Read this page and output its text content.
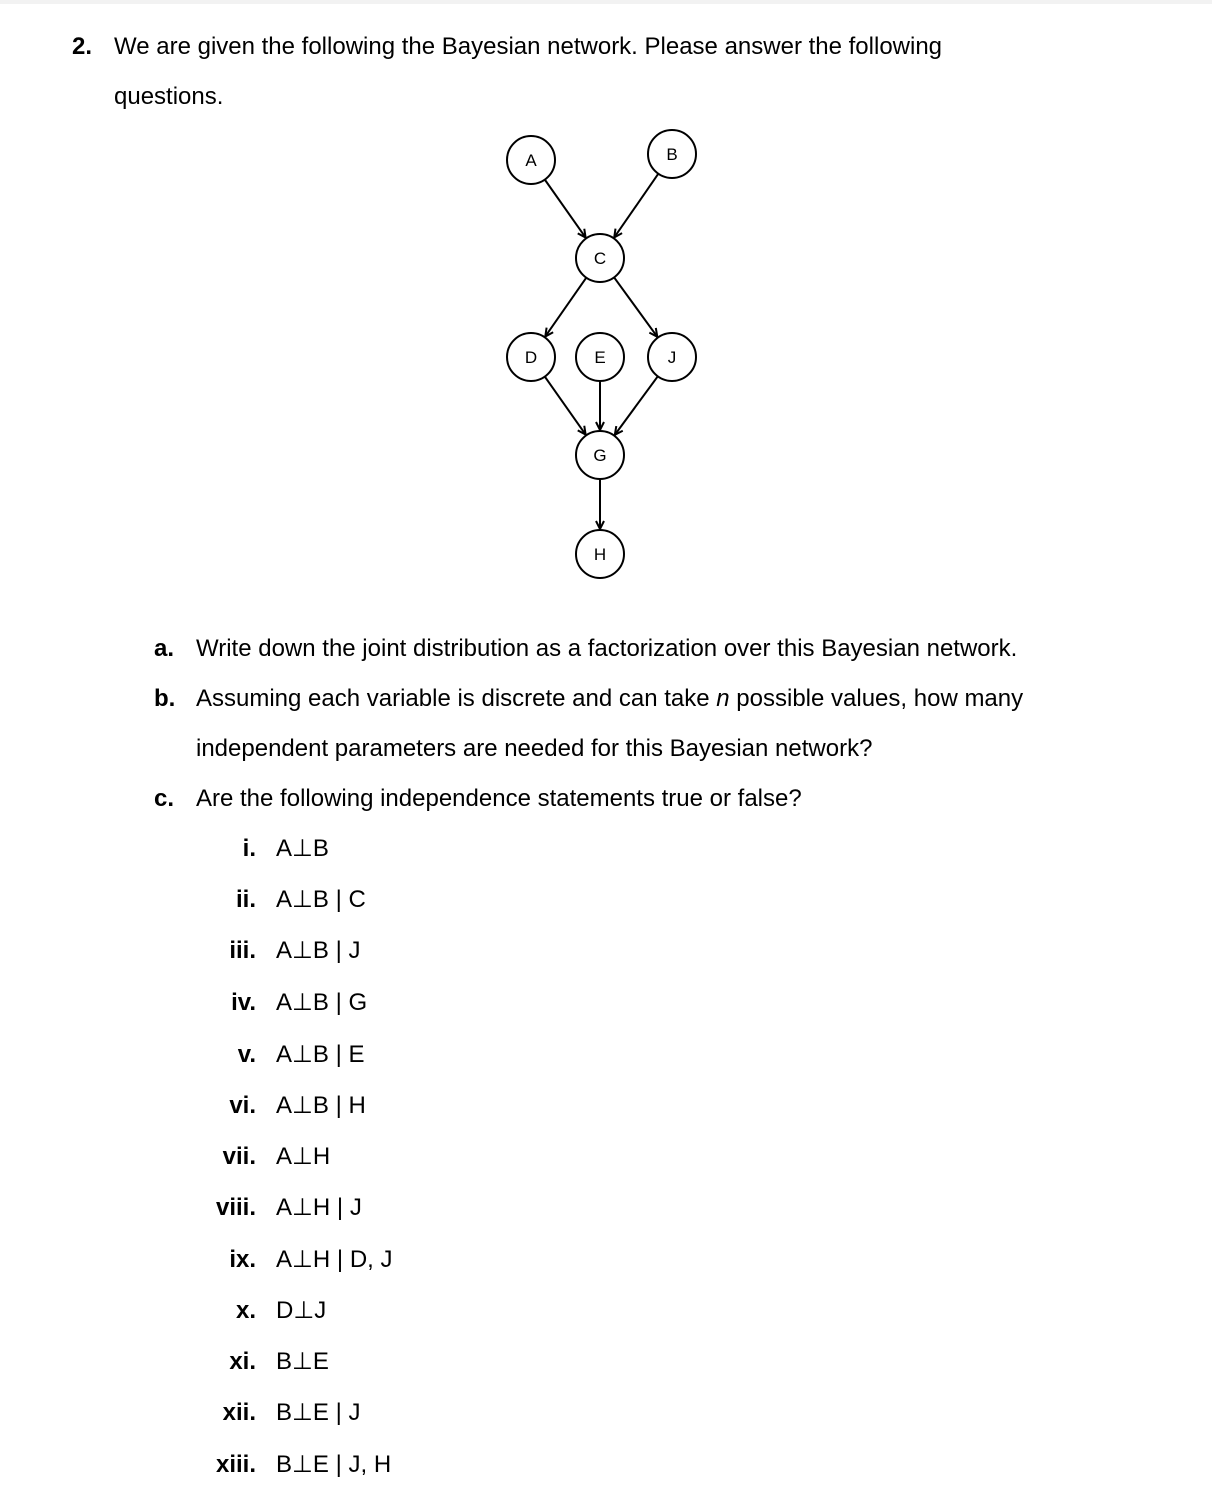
2. We are given the following the Bayesian network. Please answer the following
questions.
A	B
C
D	E	J
G
H
a. Write down the joint distribution as a factorization over this Bayesian network.
b. Assuming each variable is discrete and can take n possible values, how many
independent parameters are needed for this Bayesian network?
c. Are the following independence statements true or false?
i. A⊥B
ii. A⊥B | C
iii. A⊥B | J
iv. A⊥B | G
v. A⊥B | E
vi. A⊥B | H
vii. A⊥H
viii. A⊥H | J
ix. A⊥H | D, J
x. D⊥J
xi. B⊥E
xii. B⊥E | J
xiii. B⊥E | J, H
